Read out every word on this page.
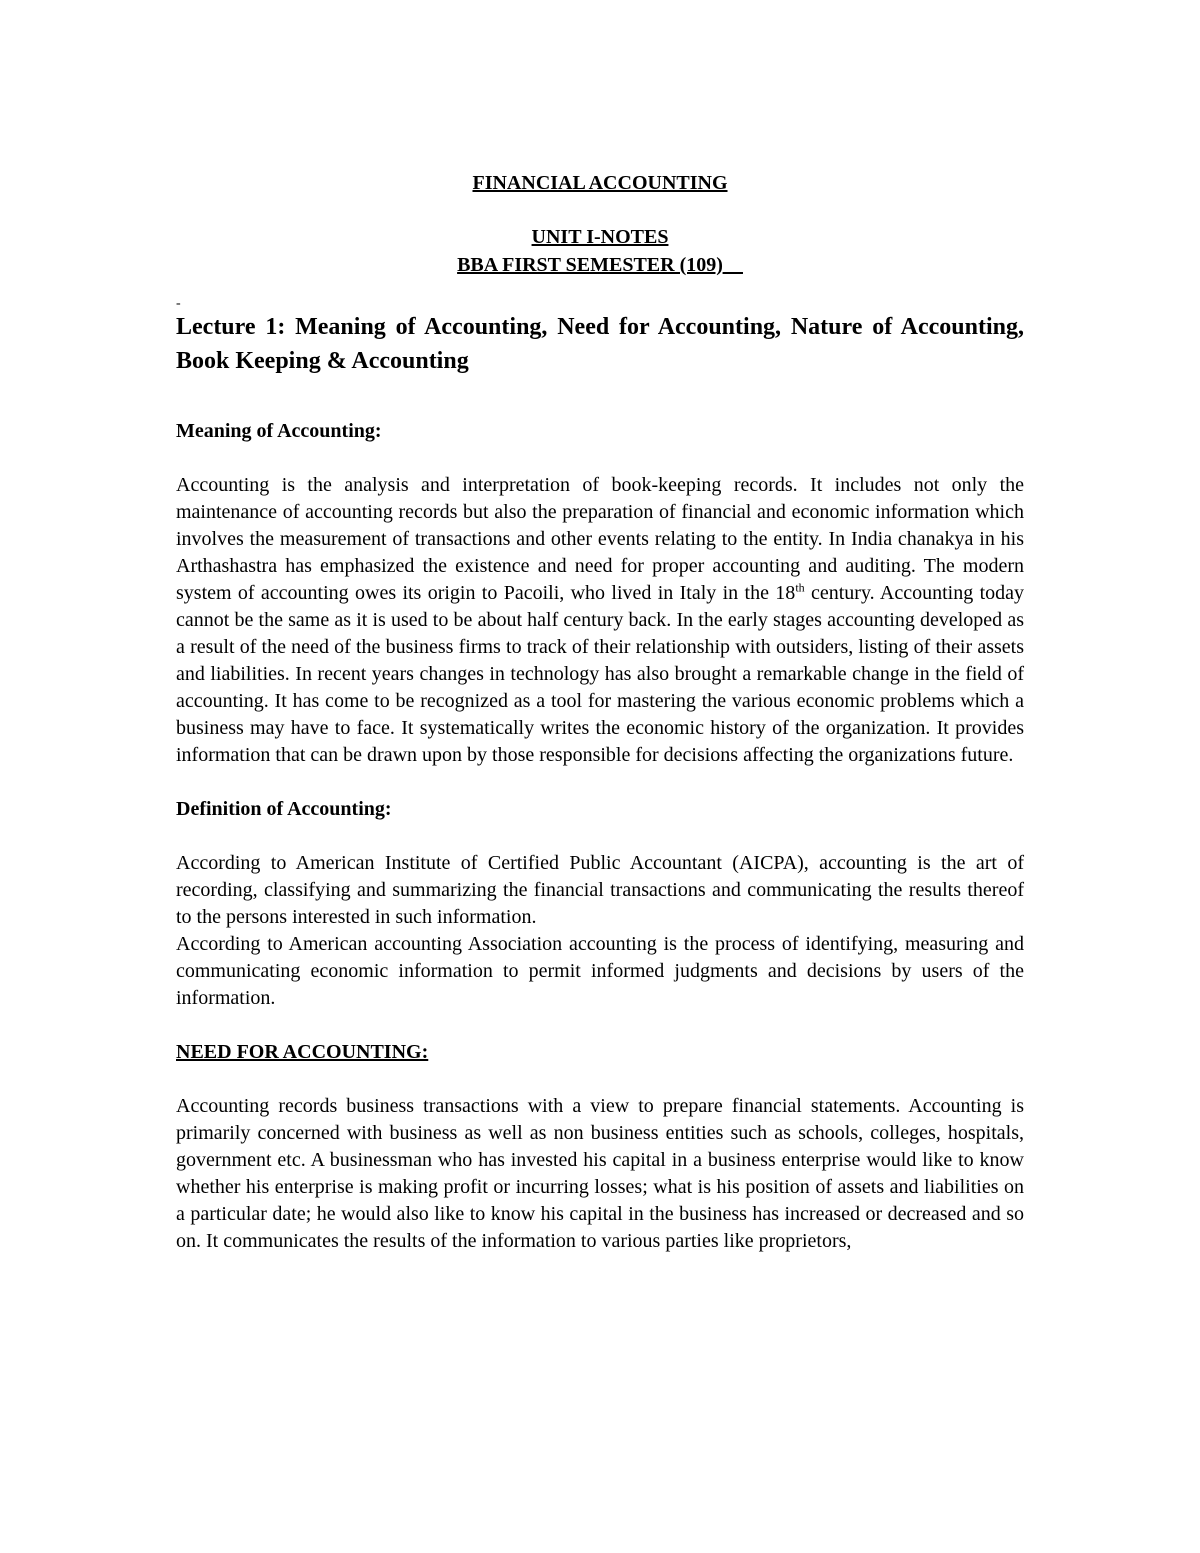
FINANCIAL ACCOUNTING

UNIT I-NOTES

BBA FIRST SEMESTER (109)

-

Lecture 1: Meaning of Accounting, Need for Accounting, Nature of Accounting, Book Keeping & Accounting

Meaning of Accounting:

Accounting is the analysis and interpretation of book-keeping records. It includes not only the maintenance of accounting records but also the preparation of financial and economic information which involves the measurement of transactions and other events relating to the entity. In India chanakya in his Arthashastra has emphasized the existence and need for proper accounting and auditing. The modern system of accounting owes its origin to Pacoili, who lived in Italy in the 18th century. Accounting today cannot be the same as it is used to be about half century back. In the early stages accounting developed as a result of the need of the business firms to track of their relationship with outsiders, listing of their assets and liabilities. In recent years changes in technology has also brought a remarkable change in the field of accounting. It has come to be recognized as a tool for mastering the various economic problems which a business may have to face. It systematically writes the economic history of the organization. It provides information that can be drawn upon by those responsible for decisions affecting the organizations future.

Definition of Accounting:

According to American Institute of Certified Public Accountant (AICPA), accounting is the art of recording, classifying and summarizing the financial transactions and communicating the results thereof to the persons interested in such information.

According to American accounting Association accounting is the process of identifying, measuring and communicating economic information to permit informed judgments and decisions by users of the information.

NEED FOR ACCOUNTING:

Accounting records business transactions with a view to prepare financial statements. Accounting is primarily concerned with business as well as non business entities such as schools, colleges, hospitals, government etc. A businessman who has invested his capital in a business enterprise would like to know whether his enterprise is making profit or incurring losses; what is his position of assets and liabilities on a particular date; he would also like to know his capital in the business has increased or decreased and so on. It communicates the results of the information to various parties like proprietors,
